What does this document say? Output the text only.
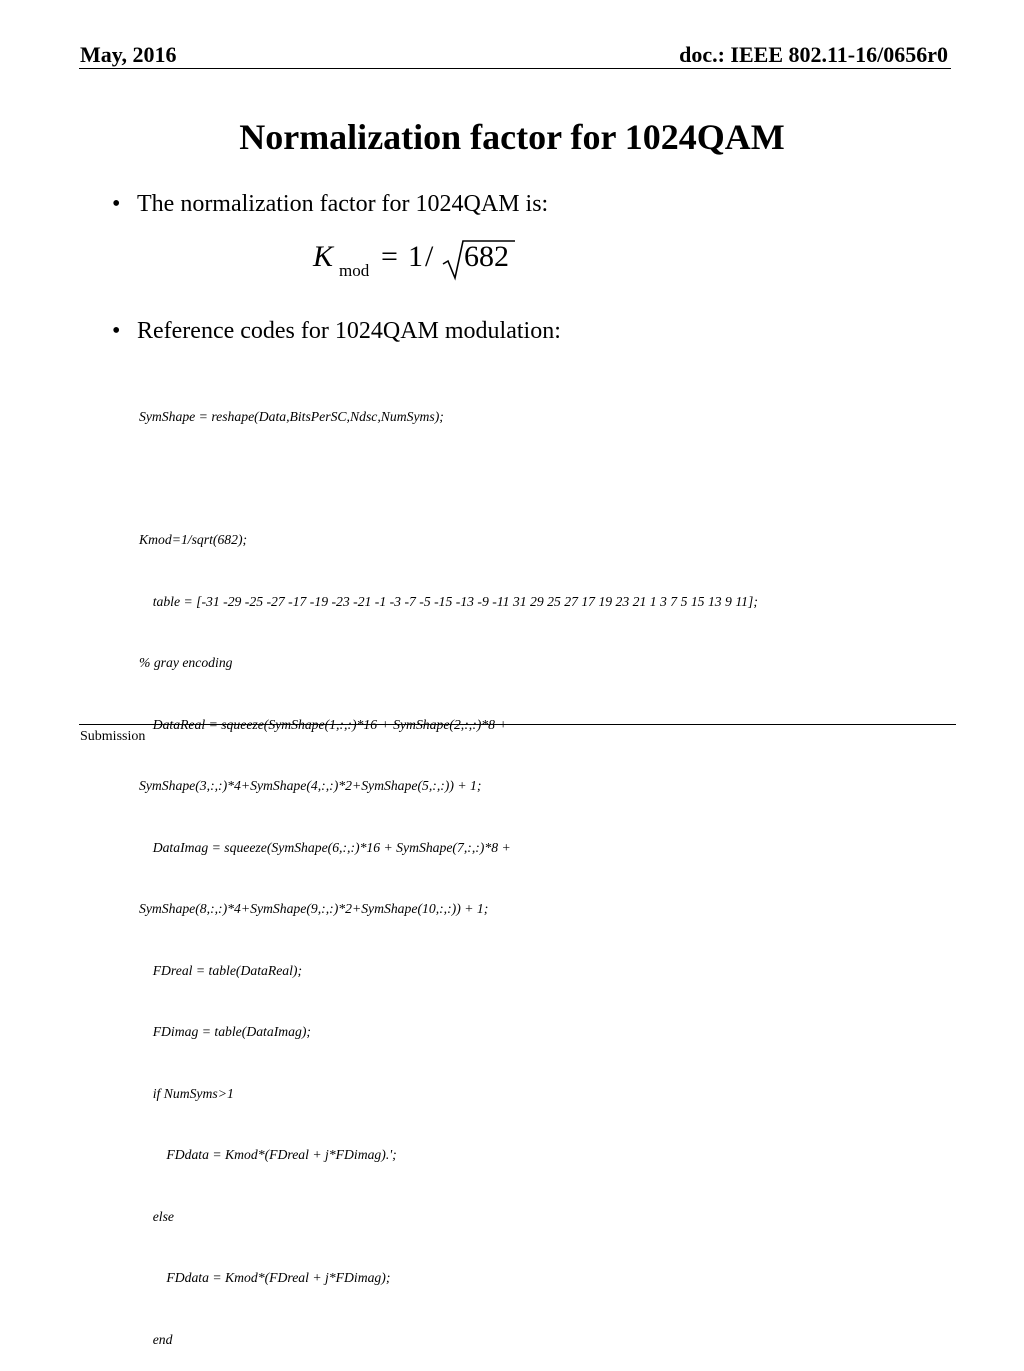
May, 2016	doc.: IEEE 802.11-16/0656r0
Normalization factor for 1024QAM
• The normalization factor for 1024QAM is:
K mod = 1 / 682
• Reference codes for 1024QAM modulation:

SymShape = reshape(Data,BitsPerSC,Ndsc,NumSyms);

Kmod=1/sqrt(682);

table = [-31 -29 -25 -27 -17 -19 -23 -21 -1 -3 -7 -5 -15 -13 -9 -11 31 29 25 27 17 19 23 21 1 3 7 5 15 13 9 11];

% gray encoding

DataReal = squeeze(SymShape(1,:,:)*16 + SymShape(2,:,:)*8 +

SymShape(3,:,:)*4+SymShape(4,:,:)*2+SymShape(5,:,:)) + 1;

DataImag = squeeze(SymShape(6,:,:)*16 + SymShape(7,:,:)*8 +

SymShape(8,:,:)*4+SymShape(9,:,:)*2+SymShape(10,:,:)) + 1;

FDreal = table(DataReal);

FDimag = table(DataImag);

if NumSyms>1

FDdata = Kmod*(FDreal + j*FDimag).';

else

FDdata = Kmod*(FDreal + j*FDimag);

end

Submission
